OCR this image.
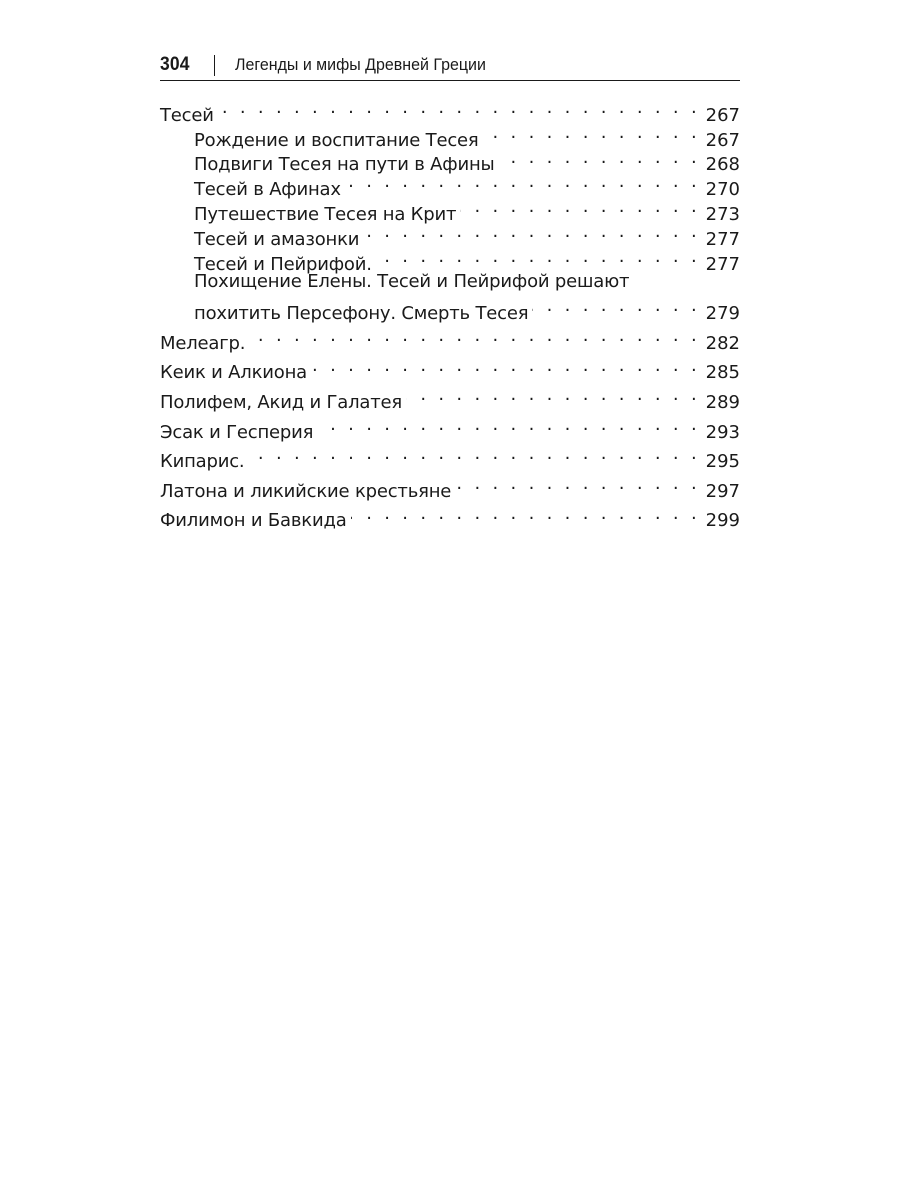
304	Легенды и мифы Древней Греции
Тесей . . .	267
Рождение и воспитание Тесея . . .	267
Подвиги Тесея на пути в Афины . . .	268
Тесей в Афинах . . .	270
Путешествие Тесея на Крит . . .	273
Тесей и амазонки . . .	277
Тесей и Пейрифой. . . .	277
Похищение Елены. Тесей и Пейрифой решают
похитить Персефону. Смерть Тесея . . .	279
Мелеагр. . . .	282
Кеик и Алкиона . . .	285
Полифем, Акид и Галатея . . .	289
Эсак и Гесперия . . .	293
Кипарис. . . .	295
Латона и ликийские крестьяне . . .	297
Филимон и Бавкида . . .	299
